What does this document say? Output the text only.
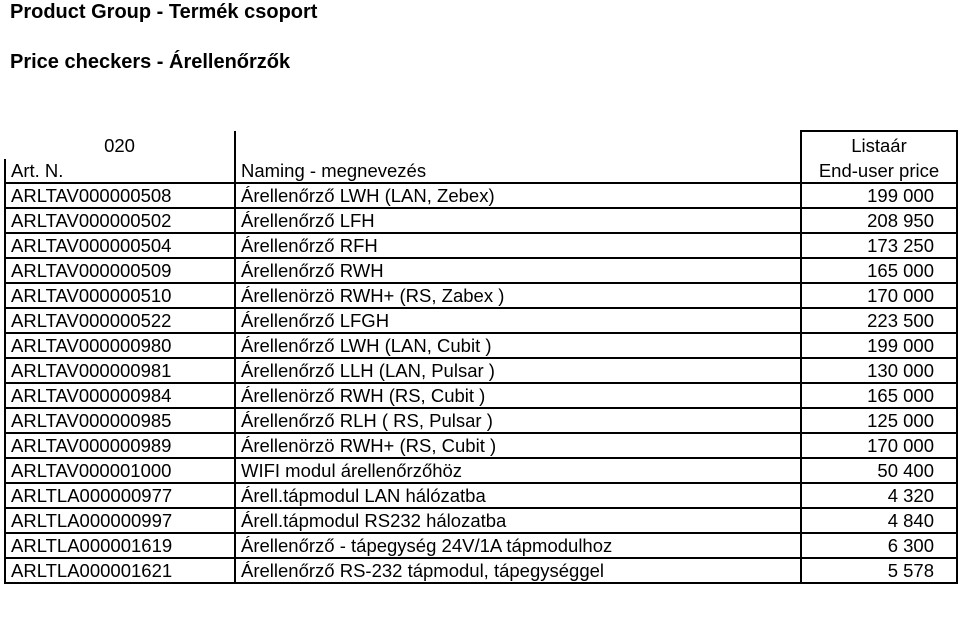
Product Group - Termék csoport
Price checkers - Árellenőrzők
020		Listaár
Art. N.	Naming - megnevezés	End-user price
ARLTAV000000508	Árellenőrző LWH (LAN, Zebex)	199 000
ARLTAV000000502	Árellenőrző LFH	208 950
ARLTAV000000504	Árellenőrző RFH	173 250
ARLTAV000000509	Árellenőrző RWH	165 000
ARLTAV000000510	Árellenörzö RWH+ (RS, Zabex )	170 000
ARLTAV000000522	Árellenőrző LFGH	223 500
ARLTAV000000980	Árellenőrző LWH (LAN, Cubit )	199 000
ARLTAV000000981	Árellenőrző LLH (LAN, Pulsar )	130 000
ARLTAV000000984	Árellenörző RWH (RS, Cubit )	165 000
ARLTAV000000985	Árellenőrző RLH ( RS, Pulsar )	125 000
ARLTAV000000989	Árellenörzö RWH+ (RS, Cubit )	170 000
ARLTAV000001000	WIFI modul árellenőrzőhöz	50 400
ARLTLA000000977	Árell.tápmodul LAN hálózatba	4 320
ARLTLA000000997	Árell.tápmodul RS232 hálozatba	4 840
ARLTLA000001619	Árellenőrző - tápegység 24V/1A tápmodulhoz	6 300
ARLTLA000001621	Árellenőrző RS-232 tápmodul, tápegységgel	5 578
